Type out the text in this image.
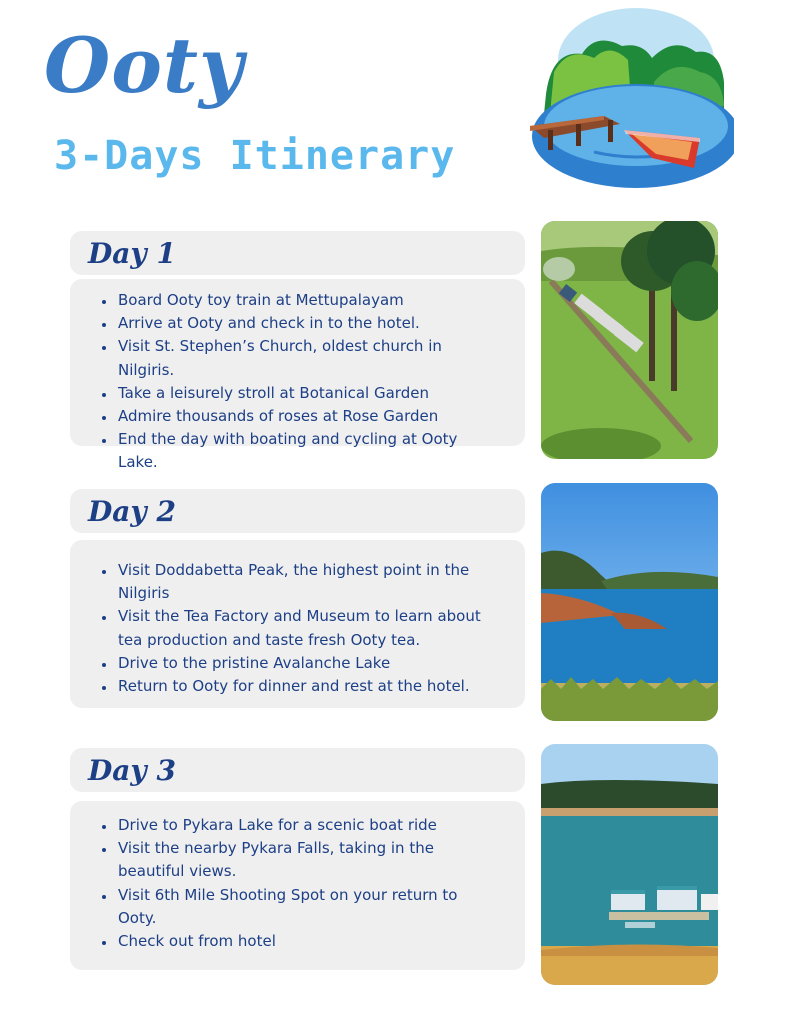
Ooty
3-Days Itinerary
Day 1
• Board Ooty toy train at Mettupalayam
• Arrive at Ooty and check in to the hotel.
• Visit St. Stephen’s Church, oldest church in Nilgiris.
• Take a leisurely stroll at Botanical Garden
• Admire thousands of roses at Rose Garden
• End the day with boating and cycling at Ooty Lake.
Day 2
• Visit Doddabetta Peak, the highest point in the Nilgiris
• Visit the Tea Factory and Museum to learn about tea production and taste fresh Ooty tea.
• Drive to the pristine Avalanche Lake
• Return to Ooty for dinner and rest at the hotel.
Day 3
• Drive to Pykara Lake for a scenic boat ride
• Visit the nearby Pykara Falls, taking in the beautiful views.
• Visit 6th Mile Shooting Spot on your return to Ooty.
• Check out from hotel
